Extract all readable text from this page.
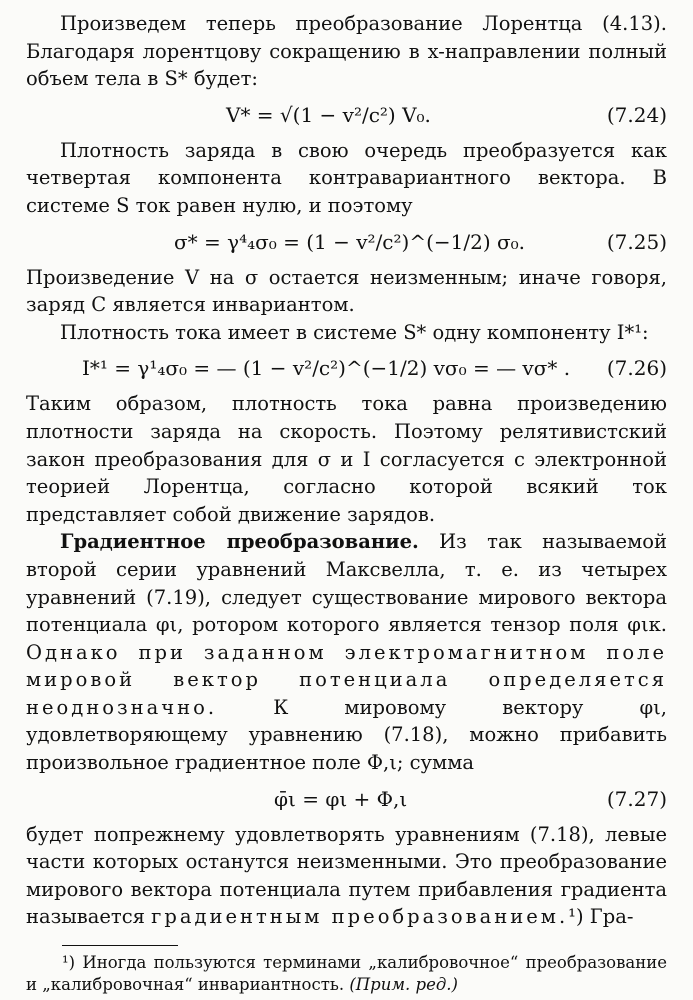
Произведем теперь преобразование Лорентца (4.13). Благодаря лорентцову сокращению в x-направлении полный объем тела в S* будет:

V* = √(1 − v²/c²) V₀.	(7.24)

Плотность заряда в свою очередь преобразуется как четвертая компонента контравариантного вектора. В системе S ток равен нулю, и поэтому

σ* = γ⁴₄σ₀ = (1 − v²/c²)^(−1/2) σ₀.	(7.25)

Произведение V на σ остается неизменным; иначе говоря, заряд C является инвариантом.

Плотность тока имеет в системе S* одну компоненту I*¹:

I*¹ = γ¹₄σ₀ = — (1 − v²/c²)^(−1/2) vσ₀ = — vσ* . (7.26)

Таким образом, плотность тока равна произведению плотности заряда на скорость. Поэтому релятивистский закон преобразования для σ и I согласуется с электронной теорией Лорентца, согласно которой всякий ток представляет собой движение зарядов.

Градиентное преобразование. Из так называемой второй серии уравнений Максвелла, т. е. из четырех уравнений (7.19), следует существование мирового вектора потенциала φι, ротором которого является тензор поля φικ. Однако при заданном электромагнитном поле мировой вектор потенциала определяется неоднозначно. К мировому вектору φι, удовлетворяющему уравнению (7.18), можно прибавить произвольное градиентное поле Φ,ι; сумма

φ̄ι = φι + Φ,ι	(7.27)

будет попрежнему удовлетворять уравнениям (7.18), левые части которых останутся неизменными. Это преобразование мирового вектора потенциала путем прибавления градиента называется градиентным преобразованием.¹) Гра-

¹) Иногда пользуются терминами „калибровочное“ преобразование и „калибровочная“ инвариантность. (Прим. ред.)
